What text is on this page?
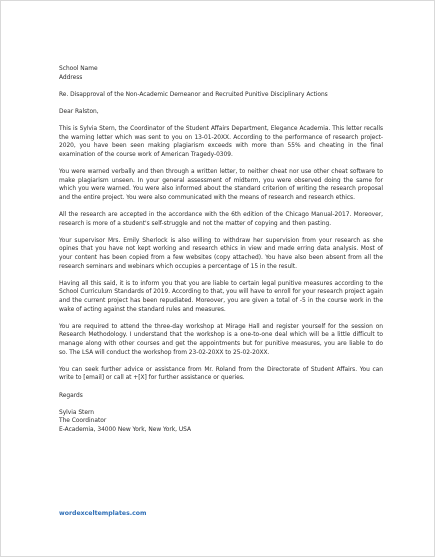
School Name
Address

Re. Disapproval of the Non-Academic Demeanor and Recruited Punitive Disciplinary Actions

Dear Ralston,

This is Sylvia Stern, the Coordinator of the Student Affairs Department, Elegance Academia. This letter recalls the warning letter which was sent to you on 13-01-20XX. According to the performance of research project-2020, you have been seen making plagiarism exceeds with more than 55% and cheating in the final examination of the course work of American Tragedy-0309.

You were warned verbally and then through a written letter, to neither cheat nor use other cheat software to make plagiarism unseen. In your general assessment of midterm, you were observed doing the same for which you were warned. You were also informed about the standard criterion of writing the research proposal and the entire project. You were also communicated with the means of research and research ethics.

All the research are accepted in the accordance with the 6th edition of the Chicago Manual-2017. Moreover, research is more of a student's self-struggle and not the matter of copying and then pasting.

Your supervisor Mrs. Emily Sherlock is also willing to withdraw her supervision from your research as she opines that you have not kept working and research ethics in view and made erring data analysis. Most of your content has been copied from a few websites (copy attached). You have also been absent from all the research seminars and webinars which occupies a percentage of 15 in the result.

Having all this said, it is to inform you that you are liable to certain legal punitive measures according to the School Curriculum Standards of 2019. According to that, you will have to enroll for your research project again and the current project has been repudiated. Moreover, you are given a total of -5 in the course work in the wake of acting against the standard rules and measures.

You are required to attend the three-day workshop at Mirage Hall and register yourself for the session on Research Methodology. I understand that the workshop is a one-to-one deal which will be a little difficult to manage along with other courses and get the appointments but for punitive measures, you are liable to do so. The LSA will conduct the workshop from 23-02-20XX to 25-02-20XX.

You can seek further advice or assistance from Mr. Roland from the Directorate of Student Affairs. You can write to [email] or call at +[X] for further assistance or queries.

Regards

Sylvia Stern
The Coordinator
E-Academia, 34000 New York, New York, USA
wordexceltemplates.com
